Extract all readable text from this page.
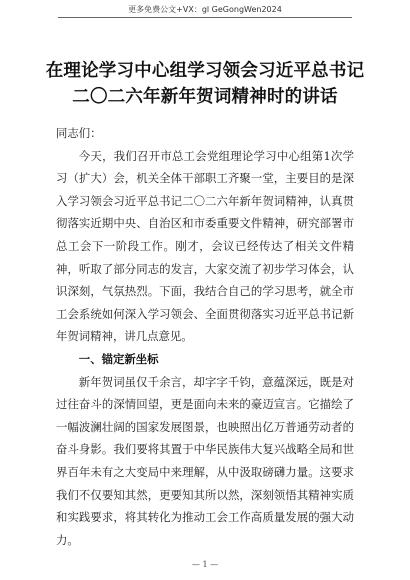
更多免费公文+VX：gl GeGongWen2024
在理论学习中心组学习领会习近平总书记
二〇二六年新年贺词精神时的讲话

同志们：

今天，我们召开市总工会党组理论学习中心组第1次学习（扩大）会，机关全体干部职工齐聚一堂，主要目的是深入学习领会习近平总书记二〇二六年新年贺词精神，认真贯彻落实近期中央、自治区和市委重要文件精神，研究部署市总工会下一阶段工作。刚才，会议已经传达了相关文件精神，听取了部分同志的发言，大家交流了初步学习体会，认识深刻，气氛热烈。下面，我结合自己的学习思考，就全市工会系统如何深入学习领会、全面贯彻落实习近平总书记新年贺词精神，讲几点意见。

一、锚定新坐标

新年贺词虽仅千余言，却字字千钧，意蕴深远，既是对过往奋斗的深情回望，更是面向未来的豪迈宣言。它描绘了一幅波澜壮阔的国家发展图景，也映照出亿万普通劳动者的奋斗身影。我们要将其置于中华民族伟大复兴战略全局和世界百年未有之大变局中来理解，从中汲取磅礴力量。这要求我们不仅要知其然，更要知其所以然，深刻领悟其精神实质和实践要求，将其转化为推动工会工作高质量发展的强大动力。

— 1 —
